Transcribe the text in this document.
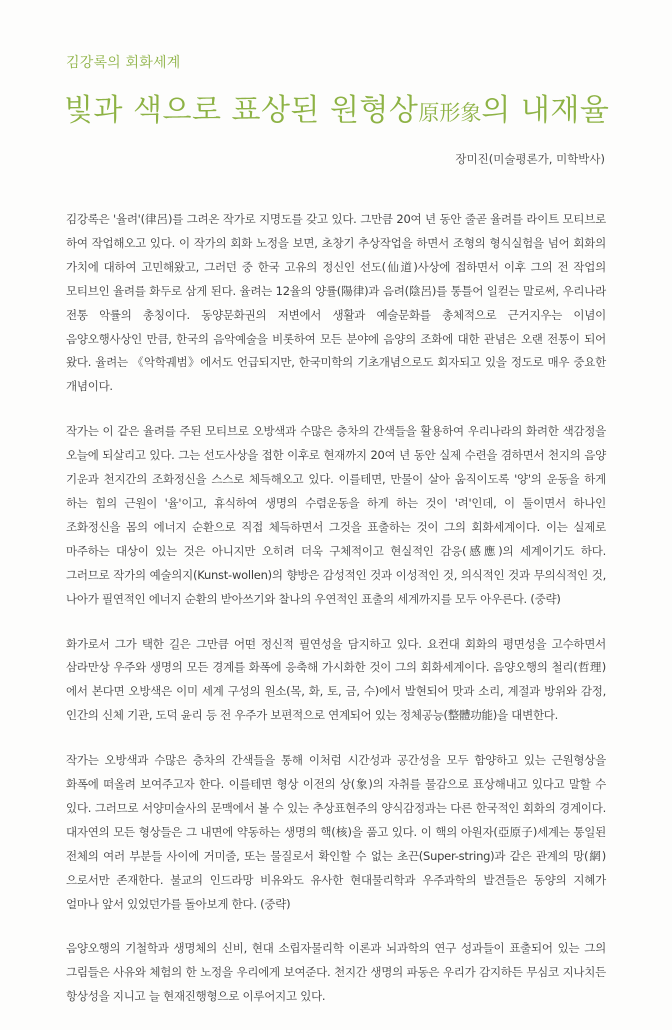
김강록의 회화세계
빛과 색으로 표상된 원형상原形象의 내재율
장미진(미술평론가, 미학박사)

김강록은 '율려'(律呂)를 그려온 작가로 지명도를 갖고 있다. 그만큼 20여 년 동안 줄곧 율려를 라이트 모티브로 하여 작업해오고 있다. 이 작가의 회화 노정을 보면, 초창기 추상작업을 하면서 조형의 형식실험을 넘어 회화의 가치에 대하여 고민해왔고, 그러던 중 한국 고유의 정신인 선도(仙道)사상에 접하면서 이후 그의 전 작업의 모티브인 율려를 화두로 삼게 된다. 율려는 12율의 양률(陽律)과 음려(陰呂)를 통틀어 일컫는 말로써, 우리나라 전통 악률의 총칭이다. 동양문화권의 저변에서 생활과 예술문화를 총체적으로 근거지우는 이념이 음양오행사상인 만큼, 한국의 음악예술을 비롯하여 모든 분야에 음양의 조화에 대한 관념은 오랜 전통이 되어 왔다. 율려는 《악학궤범》에서도 언급되지만, 한국미학의 기초개념으로도 회자되고 있을 정도로 매우 중요한 개념이다.

작가는 이 같은 율려를 주된 모티브로 오방색과 수많은 층차의 간색들을 활용하여 우리나라의 화려한 색감정을 오늘에 되살리고 있다. 그는 선도사상을 접한 이후로 현재까지 20여 년 동안 실제 수련을 겸하면서 천지의 음양 기운과 천지간의 조화정신을 스스로 체득해오고 있다. 이를테면, 만물이 살아 움직이도록 '양'의 운동을 하게 하는 힘의 근원이 '율'이고, 휴식하여 생명의 수렴운동을 하게 하는 것이 '려'인데, 이 둘이면서 하나인 조화정신을 몸의 에너지 순환으로 직접 체득하면서 그것을 표출하는 것이 그의 회화세계이다. 이는 실제로 마주하는 대상이 있는 것은 아니지만 오히려 더욱 구체적이고 현실적인 감응(感應)의 세계이기도 하다. 그러므로 작가의 예술의지(Kunst-wollen)의 향방은 감성적인 것과 이성적인 것, 의식적인 것과 무의식적인 것, 나아가 필연적인 에너지 순환의 받아쓰기와 찰나의 우연적인 표출의 세계까지를 모두 아우른다. (중략)

화가로서 그가 택한 길은 그만큼 어떤 정신적 필연성을 담지하고 있다. 요컨대 회화의 평면성을 고수하면서 삼라만상 우주와 생명의 모든 경계를 화폭에 응축해 가시화한 것이 그의 회화세계이다. 음양오행의 철리(哲理)에서 본다면 오방색은 이미 세계 구성의 원소(목, 화, 토, 금, 수)에서 발현되어 맛과 소리, 계절과 방위와 감정, 인간의 신체 기관, 도덕 윤리 등 전 우주가 보편적으로 연계되어 있는 정체공능(整體功能)을 대변한다.

작가는 오방색과 수많은 층차의 간색들을 통해 이처럼 시간성과 공간성을 모두 함양하고 있는 근원형상을 화폭에 떠올려 보여주고자 한다. 이를테면 형상 이전의 상(象)의 자취를 물감으로 표상해내고 있다고 말할 수 있다. 그러므로 서양미술사의 문맥에서 볼 수 있는 추상표현주의 양식감정과는 다른 한국적인 회화의 경계이다. 대자연의 모든 형상들은 그 내면에 약동하는 생명의 핵(核)을 품고 있다. 이 핵의 아원자(亞原子)세계는 통일된 전체의 여러 부분들 사이에 거미줄, 또는 물질로서 확인할 수 없는 초끈(Super-string)과 같은 관계의 망(網)으로서만 존재한다. 불교의 인드라망 비유와도 유사한 현대물리학과 우주과학의 발견들은 동양의 지혜가 얼마나 앞서 있었던가를 돌아보게 한다. (중략)

음양오행의 기철학과 생명체의 신비, 현대 소립자물리학 이론과 뇌과학의 연구 성과들이 표출되어 있는 그의 그림들은 사유와 체험의 한 노정을 우리에게 보여준다. 천지간 생명의 파동은 우리가 감지하든 무심코 지나치든 항상성을 지니고 늘 현재진행형으로 이루어지고 있다.
